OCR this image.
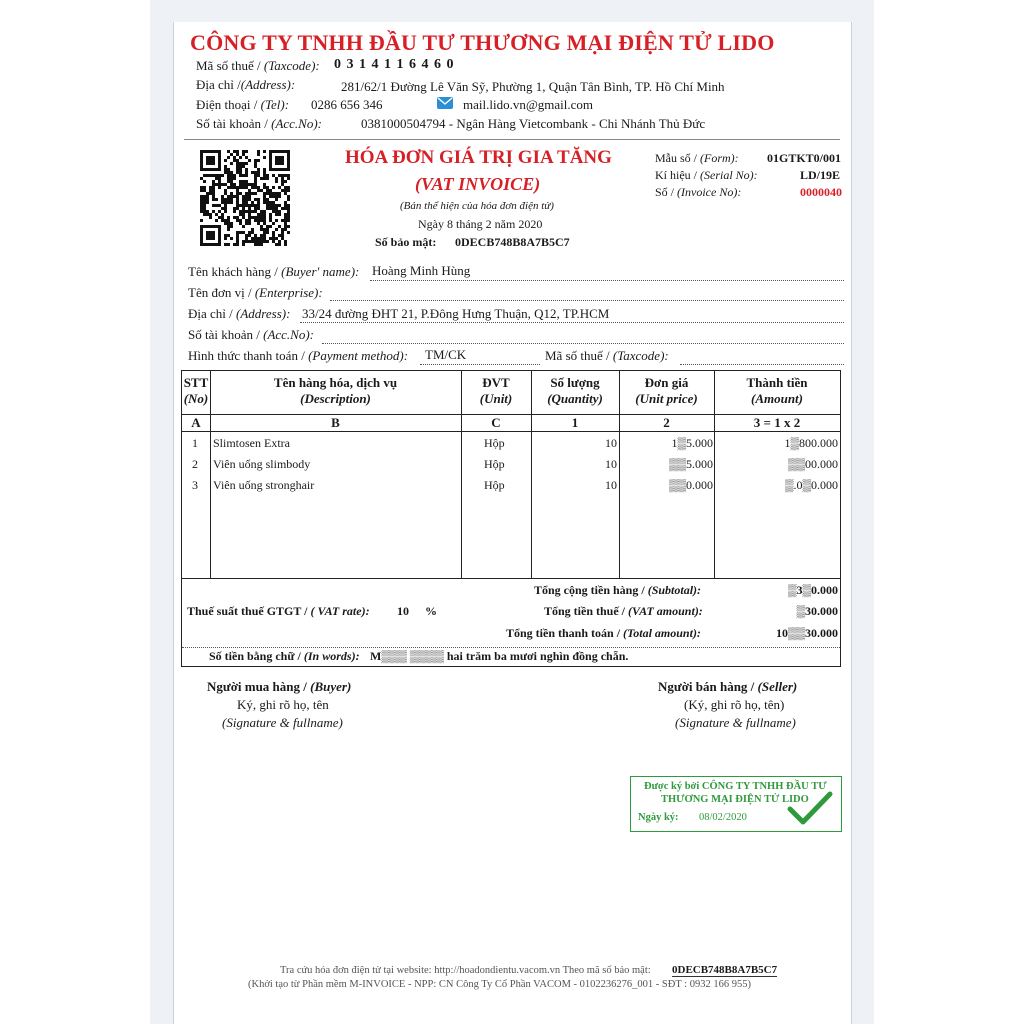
CÔNG TY TNHH ĐẦU TƯ THƯƠNG MẠI ĐIỆN TỬ LIDO
Mã số thuế / (Taxcode): 0 3 1 4 1 1 6 4 6 0
Địa chỉ /(Address):	281/62/1 Đường Lê Văn Sỹ, Phường 1, Quận Tân Bình, TP. Hồ Chí Minh
Điện thoại / (Tel): 0286 656 346	mail.lido.vn@gmail.com
Số tài khoản / (Acc.No):	0381000504794 - Ngân Hàng Vietcombank - Chi Nhánh Thủ Đức
HÓA ĐƠN GIÁ TRỊ GIA TĂNG
(VAT INVOICE)
(Bản thể hiện của hóa đơn điện tử)
Ngày 8 tháng 2 năm 2020
Số bảo mật: 0DECB748B8A7B5C7
Mẫu số / (Form): 01GTKT0/001
Kí hiệu / (Serial No):	LD/19E
Số / (Invoice No):	0000040
Tên khách hàng / (Buyer' name): Hoàng Minh Hùng
Tên đơn vị / (Enterprise):
Địa chỉ / (Address): 33/24 đường ĐHT 21, P.Đông Hưng Thuận, Q12, TP.HCM
Số tài khoản / (Acc.No):
Hình thức thanh toán / (Payment method): TM/CK	Mã số thuế / (Taxcode):
STT
(No)
Tên hàng hóa, dịch vụ
(Description)
ĐVT
(Unit)
Số lượng
(Quantity)
Đơn giá
(Unit price)
Thành tiền
(Amount)
A	B	C	1	2	3 = 1 x 2
1 Slimtosen Extra	Hộp	10	1▒5.000	1▒800.000
2 Viên uống slimbody	Hộp	10	▒▒5.000	▒▒00.000
3 Viên uống stronghair	Hộp	10	▒▒0.000	▒.0▒0.000
Tổng cộng tiền hàng / (Subtotal):	▒3▒0.000
Thuế suất thuế GTGT / ( VAT rate): 10 %	Tổng tiền thuế / (VAT amount):	▒30.000
Tổng tiền thanh toán / (Total amount):	10▒▒30.000
Số tiền bằng chữ / (In words): M▒▒▒ ▒▒▒▒ hai trăm ba mươi nghìn đồng chẵn.
Người mua hàng / (Buyer)
Ký, ghi rõ họ, tên
(Signature & fullname)
Người bán hàng / (Seller)
(Ký, ghi rõ họ, tên)
(Signature & fullname)
Được ký bởi CÔNG TY TNHH ĐẦU TƯ
THƯƠNG MẠI ĐIỆN TỬ LIDO
Ngày ký: 08/02/2020
Tra cứu hóa đơn điện tử tại website: http://hoadondientu.vacom.vn Theo mã số bảo mật: 0DECB748B8A7B5C7
(Khởi tạo từ Phần mềm M-INVOICE - NPP: CN Công Ty Cổ Phần VACOM - 0102236276_001 - SĐT : 0932 166 955)
